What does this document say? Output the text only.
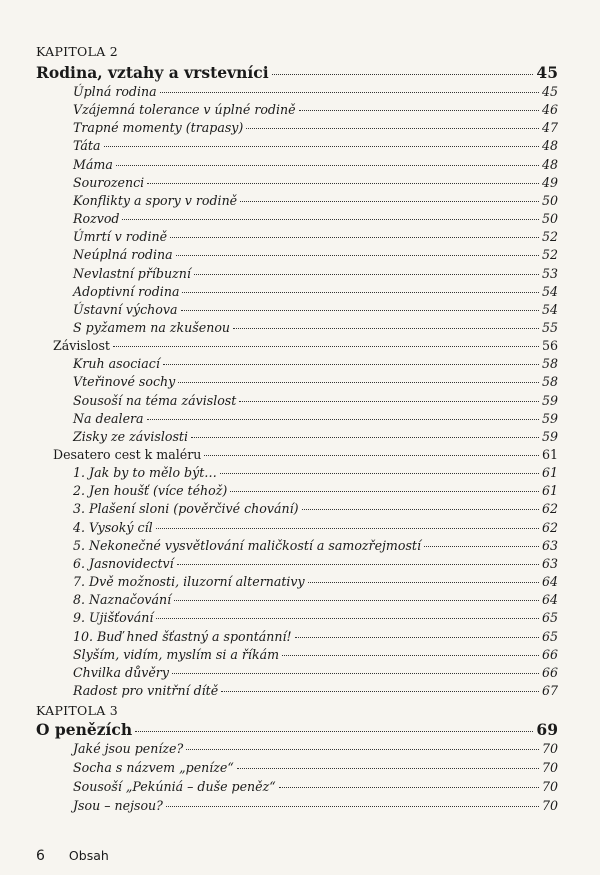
KAPITOLA 2
Rodina, vztahy a vrstevníci	45
Úplná rodina	45
Vzájemná tolerance v úplné rodině	46
Trapné momenty (trapasy)	47
Táta	48
Máma	48
Sourozenci	49
Konflikty a spory v rodině	50
Rozvod	50
Úmrtí v rodině	52
Neúplná rodina	52
Nevlastní příbuzní	53
Adoptivní rodina	54
Ústavní výchova	54
S pyžamem na zkušenou	55
Závislost	56
Kruh asociací	58
Vteřinové sochy	58
Sousoší na téma závislost	59
Na dealera	59
Zisky ze závislosti	59
Desatero cest k maléru	61
1. Jak by to mělo být…	61
2. Jen houšť (více téhož)	61
3. Plašení sloni (pověrčivé chování)	62
4. Vysoký cíl	62
5. Nekonečné vysvětlování maličkostí a samozřejmostí	63
6. Jasnovidectví	63
7. Dvě možnosti, iluzorní alternativy	64
8. Naznačování	64
9. Ujišťování	65
10. Buď hned šťastný a spontánní!	65
Slyším, vidím, myslím si a říkám	66
Chvilka důvěry	66
Radost pro vnitřní dítě	67
KAPITOLA 3
O penězích	69
Jaké jsou peníze?	70
Socha s názvem „peníze“	70
Sousoší „Pekúniá – duše peněz“	70
Jsou – nejsou?	70
6 Obsah
